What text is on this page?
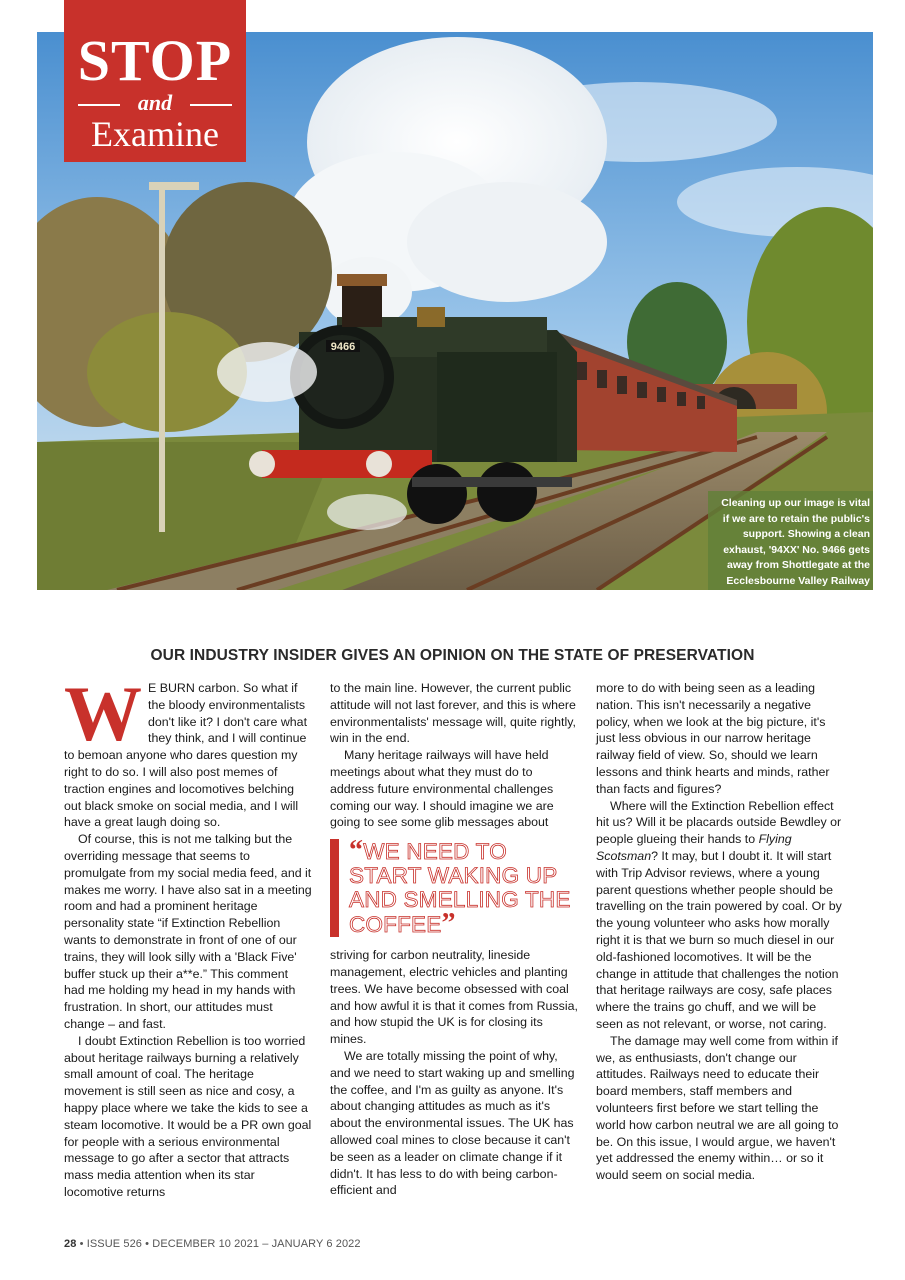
9466
Cleaning up our image is vital if we are to retain the public's support. Showing a clean exhaust, '94XX' No. 9466 gets away from Shottlegate at the Ecclesbourne Valley Railway
STOP
and
Examine
CHANGING ENVIRONMENTAL ATTITUDES
OUR INDUSTRY INSIDER GIVES AN OPINION ON THE STATE OF PRESERVATION
W E BURN carbon. So what if the bloody environmentalists don't like it? I don't care what they think, and I will continue to bemoan anyone who dares question my right to do so. I will also post memes of traction engines and locomotives belching out black smoke on social media, and I will have a great laugh doing so.

Of course, this is not me talking but the overriding message that seems to promulgate from my social media feed, and it makes me worry. I have also sat in a meeting room and had a prominent heritage personality state “if Extinction Rebellion wants to demonstrate in front of one of our trains, they will look silly with a 'Black Five' buffer stuck up their a**e.” This comment had me holding my head in my hands with frustration. In short, our attitudes must change – and fast.

I doubt Extinction Rebellion is too worried about heritage railways burning a relatively small amount of coal. The heritage movement is still seen as nice and cosy, a happy place where we take the kids to see a steam locomotive. It would be a PR own goal for people with a serious environmental message to go after a sector that attracts mass media attention when its star locomotive returns

to the main line. However, the current public attitude will not last forever, and this is where environmentalists' message will, quite rightly, win in the end.

Many heritage railways will have held meetings about what they must do to address future environmental challenges coming our way. I should imagine we are going to see some glib messages about

“WE NEED TO START WAKING UP AND SMELLING THE COFFEE”

striving for carbon neutrality, lineside management, electric vehicles and planting trees. We have become obsessed with coal and how awful it is that it comes from Russia, and how stupid the UK is for closing its mines.

We are totally missing the point of why, and we need to start waking up and smelling the coffee, and I'm as guilty as anyone. It's about changing attitudes as much as it's about the environmental issues. The UK has allowed coal mines to close because it can't be seen as a leader on climate change if it didn't. It has less to do with being carbon-efficient and

more to do with being seen as a leading nation. This isn't necessarily a negative policy, when we look at the big picture, it's just less obvious in our narrow heritage railway field of view. So, should we learn lessons and think hearts and minds, rather than facts and figures?

Where will the Extinction Rebellion effect hit us? Will it be placards outside Bewdley or people glueing their hands to Flying Scotsman? It may, but I doubt it. It will start with Trip Advisor reviews, where a young parent questions whether people should be travelling on the train powered by coal. Or by the young volunteer who asks how morally right it is that we burn so much diesel in our old-fashioned locomotives. It will be the change in attitude that challenges the notion that heritage railways are cosy, safe places where the trains go chuff, and we will be seen as not relevant, or worse, not caring.

The damage may well come from within if we, as enthusiasts, don't change our attitudes. Railways need to educate their board members, staff members and volunteers first before we start telling the world how carbon neutral we are all going to be. On this issue, I would argue, we haven't yet addressed the enemy within… or so it would seem on social media.

28 • ISSUE 526 • DECEMBER 10 2021 – JANUARY 6 2022
